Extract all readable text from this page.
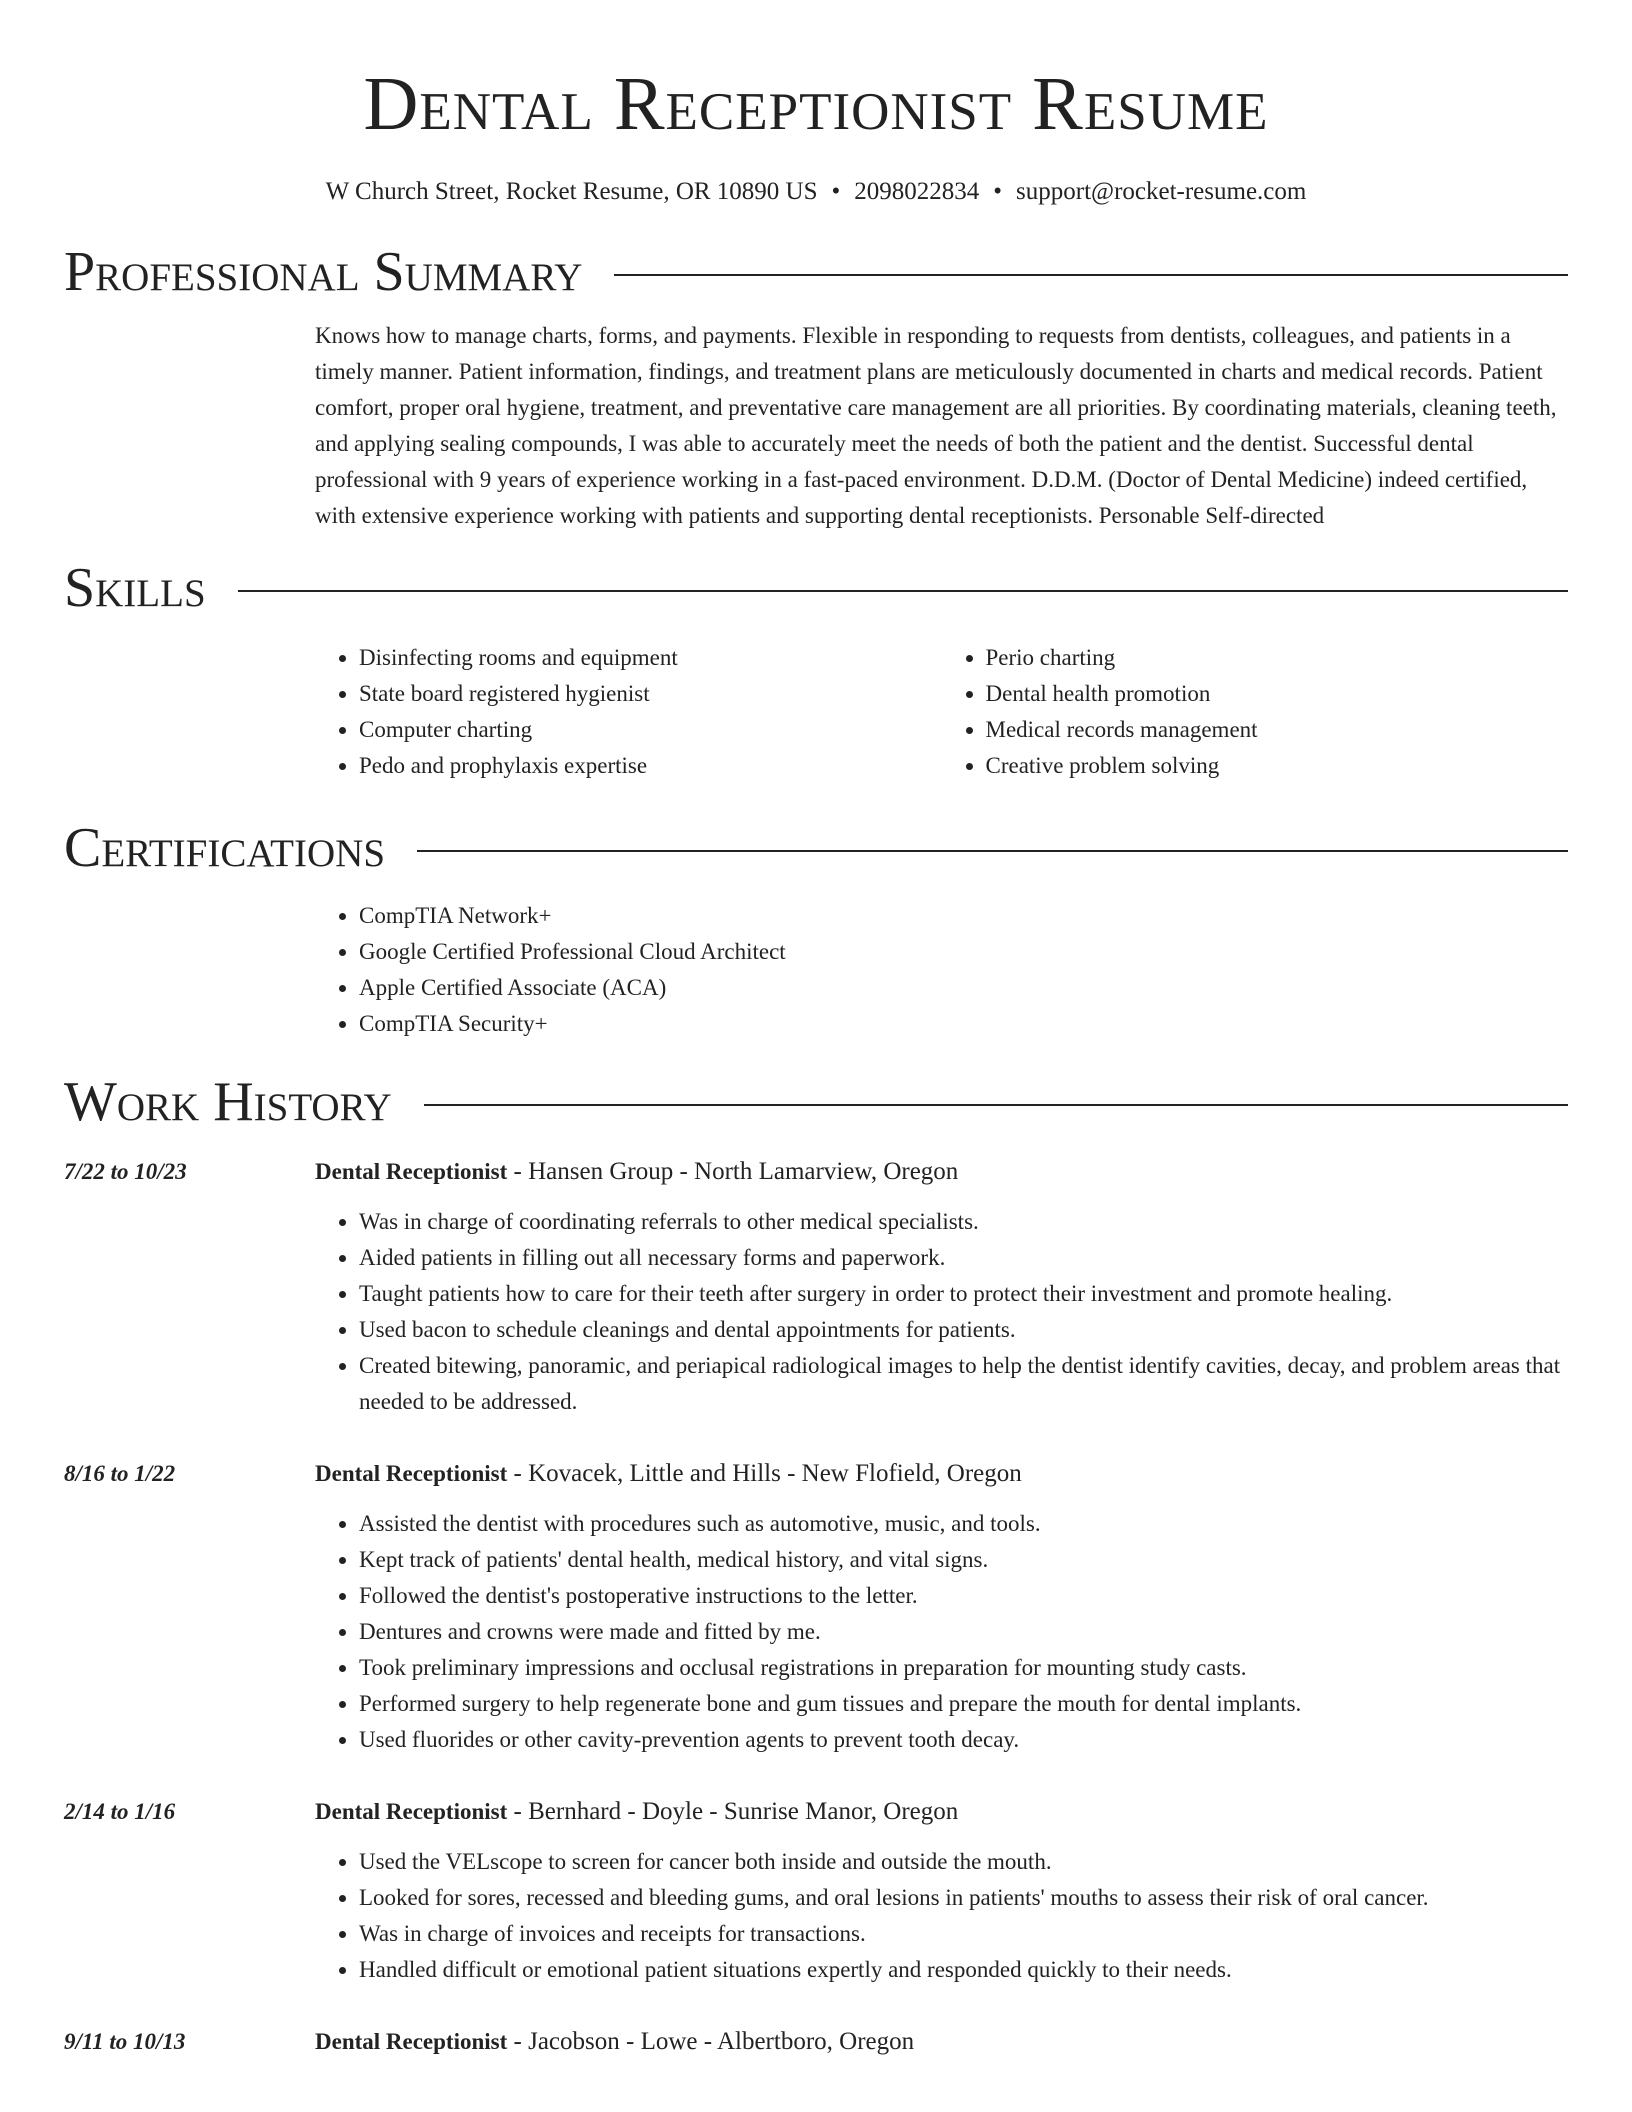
Dental Receptionist Resume
W Church Street, Rocket Resume, OR 10890 US • 2098022834 • support@rocket-resume.com
Professional Summary

Knows how to manage charts, forms, and payments. Flexible in responding to requests from dentists, colleagues, and patients in a timely manner. Patient information, findings, and treatment plans are meticulously documented in charts and medical records. Patient comfort, proper oral hygiene, treatment, and preventative care management are all priorities. By coordinating materials, cleaning teeth, and applying sealing compounds, I was able to accurately meet the needs of both the patient and the dentist. Successful dental professional with 9 years of experience working in a fast-paced environment. D.D.M. (Doctor of Dental Medicine) indeed certified, with extensive experience working with patients and supporting dental receptionists. Personable Self-directed

Skills
• Disinfecting rooms and equipment
• State board registered hygienist
• Computer charting
• Pedo and prophylaxis expertise
• Perio charting
• Dental health promotion
• Medical records management
• Creative problem solving
Certifications
• CompTIA Network+
• Google Certified Professional Cloud Architect
• Apple Certified Associate (ACA)
• CompTIA Security+
Work History
7/22 to 10/23	Dental Receptionist - Hansen Group - North Lamarview, Oregon
• Was in charge of coordinating referrals to other medical specialists.
• Aided patients in filling out all necessary forms and paperwork.
• Taught patients how to care for their teeth after surgery in order to protect their investment and promote healing.
• Used bacon to schedule cleanings and dental appointments for patients.
• Created bitewing, panoramic, and periapical radiological images to help the dentist identify cavities, decay, and problem areas that needed to be addressed.
8/16 to 1/22	Dental Receptionist - Kovacek, Little and Hills - New Flofield, Oregon
• Assisted the dentist with procedures such as automotive, music, and tools.
• Kept track of patients' dental health, medical history, and vital signs.
• Followed the dentist's postoperative instructions to the letter.
• Dentures and crowns were made and fitted by me.
• Took preliminary impressions and occlusal registrations in preparation for mounting study casts.
• Performed surgery to help regenerate bone and gum tissues and prepare the mouth for dental implants.
• Used fluorides or other cavity-prevention agents to prevent tooth decay.
2/14 to 1/16	Dental Receptionist - Bernhard - Doyle - Sunrise Manor, Oregon
• Used the VELscope to screen for cancer both inside and outside the mouth.
• Looked for sores, recessed and bleeding gums, and oral lesions in patients' mouths to assess their risk of oral cancer.
• Was in charge of invoices and receipts for transactions.
• Handled difficult or emotional patient situations expertly and responded quickly to their needs.
9/11 to 10/13	Dental Receptionist - Jacobson - Lowe - Albertboro, Oregon
